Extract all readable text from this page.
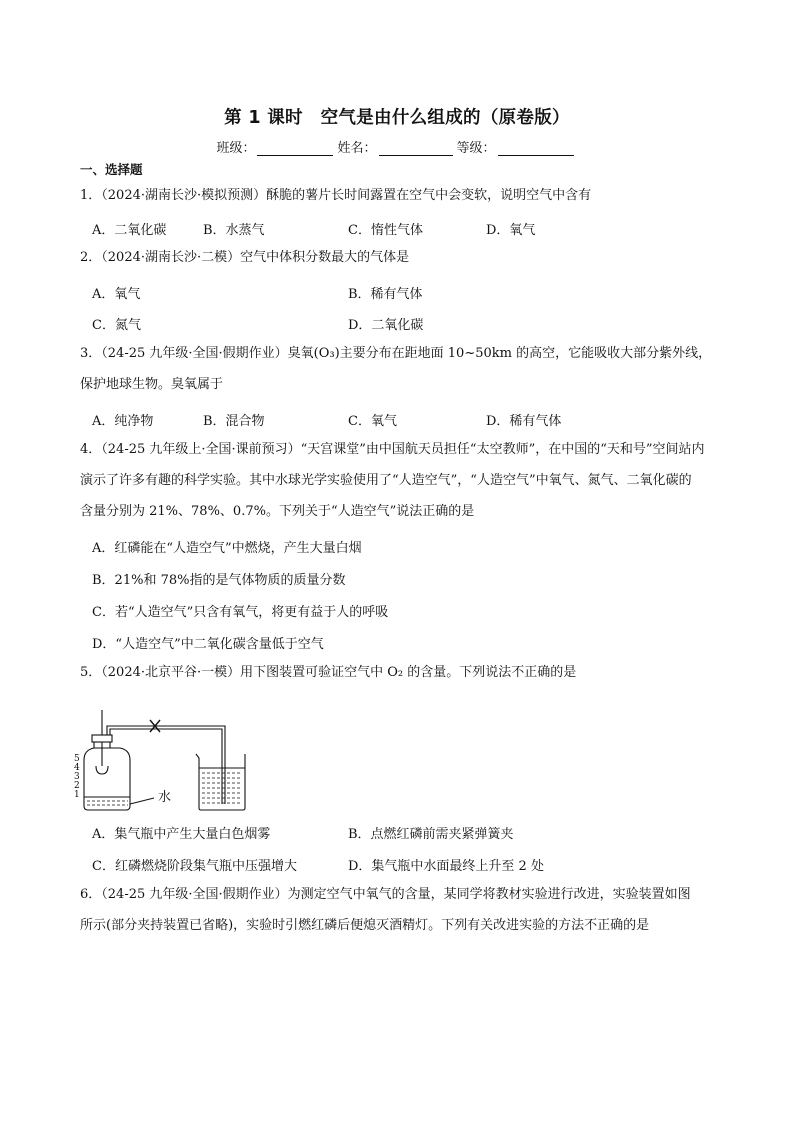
第 1 课时　空气是由什么组成的（原卷版）
班级：	姓名：	等级：
一、选择题
1．（2024·湖南长沙·模拟预测）酥脆的薯片长时间露置在空气中会变软，说明空气中含有
A．二氧化碳	B．水蒸气	C．惰性气体	D．氧气
2．（2024·湖南长沙·二模）空气中体积分数最大的气体是
A．氧气	B．稀有气体
C．氮气	D．二氧化碳
3．（24-25 九年级·全国·假期作业）臭氧(O₃)主要分布在距地面 10~50km 的高空，它能吸收大部分紫外线，
保护地球生物。臭氧属于
A．纯净物	B．混合物	C．氧气	D．稀有气体
4．（24-25 九年级上·全国·课前预习）“天宫课堂”由中国航天员担任“太空教师”，在中国的“天和号”空间站内
演示了许多有趣的科学实验。其中水球光学实验使用了“人造空气”，“人造空气”中氧气、氮气、二氧化碳的
含量分别为 21%、78%、0.7%。下列关于“人造空气”说法正确的是
A．红磷能在“人造空气”中燃烧，产生大量白烟
B．21%和 78%指的是气体物质的质量分数
C．若“人造空气”只含有氧气，将更有益于人的呼吸
D．“人造空气”中二氧化碳含量低于空气
5．（2024·北京平谷·一模）用下图装置可验证空气中 O₂ 的含量。下列说法不正确的是
5
4
3
2
1	水
A．集气瓶中产生大量白色烟雾	B．点燃红磷前需夹紧弹簧夹
C．红磷燃烧阶段集气瓶中压强增大	D．集气瓶中水面最终上升至 2 处
6．（24-25 九年级·全国·假期作业）为测定空气中氧气的含量，某同学将教材实验进行改进，实验装置如图
所示(部分夹持装置已省略)，实验时引燃红磷后便熄灭酒精灯。下列有关改进实验的方法不正确的是
